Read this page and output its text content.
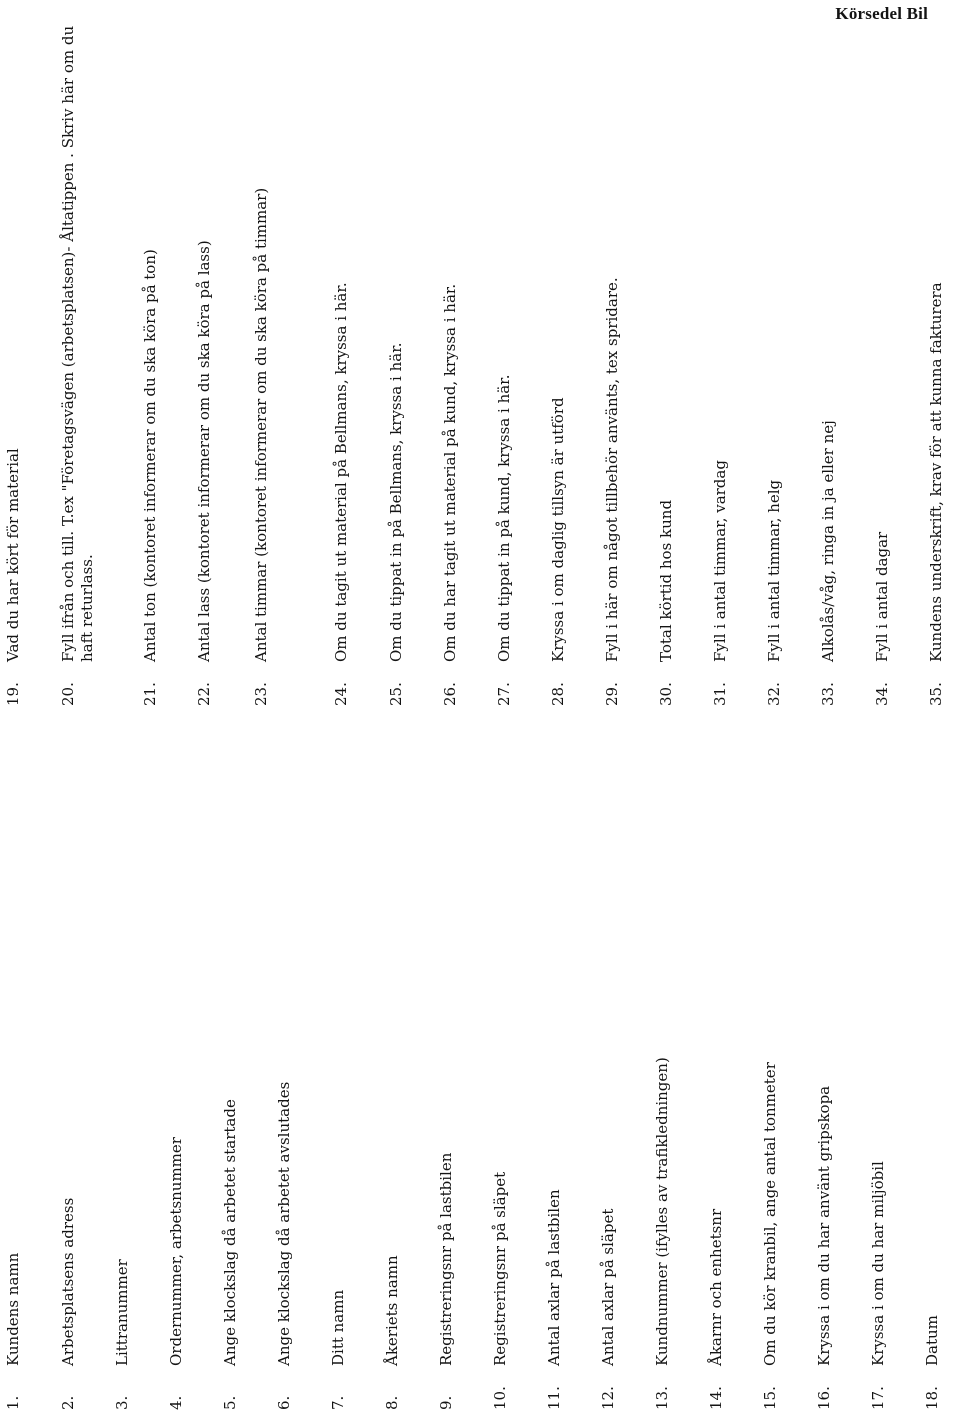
Körsedel Bil
1.
Kundens namn
2.
Arbetsplatsens adress
3.
Littranummer
4.
Ordernummer, arbetsnummer
5.
Ange klockslag då arbetet startade
6.
Ange klockslag då arbetet avslutades
7.
Ditt namn
8.
Åkeriets namn
9.
Registreringsnr på lastbilen
10.
Registreringsnr på släpet
11.
Antal axlar på lastbilen
12.
Antal axlar på släpet
13.
Kundnummer (ifylles av trafikledningen)
14.
Åkarnr och enhetsnr
15.
Om du kör kranbil, ange antal tonmeter
16.
Kryssa i om du har använt gripskopa
17.
Kryssa i om du har miljöbil
18.
Datum
19.
Vad du har kört för material
20.
Fyll ifrån och till. T.ex "Företagsvägen (arbetsplatsen)- Åltatippen . Skriv här om du haft returlass.
21.
Antal ton (kontoret informerar om du ska köra på ton)
22.
Antal lass (kontoret informerar om du ska köra på lass)
23.
Antal timmar (kontoret informerar om du ska köra på timmar)
24.
Om du tagit ut material på Bellmans, kryssa i här.
25.
Om du tippat in på Bellmans, kryssa i här.
26.
Om du har tagit ut material på kund, kryssa i här.
27.
Om du tippat in på kund, kryssa i här.
28.
Kryssa i om daglig tillsyn är utförd
29.
Fyll i här om något tillbehör använts, tex spridare.
30.
Total körtid hos kund
31.
Fyll i antal timmar, vardag
32.
Fyll i antal timmar, helg
33.
Alkolås/våg, ringa in ja eller nej
34.
Fyll i antal dagar
35.
Kundens underskrift, krav för att kunna fakturera
